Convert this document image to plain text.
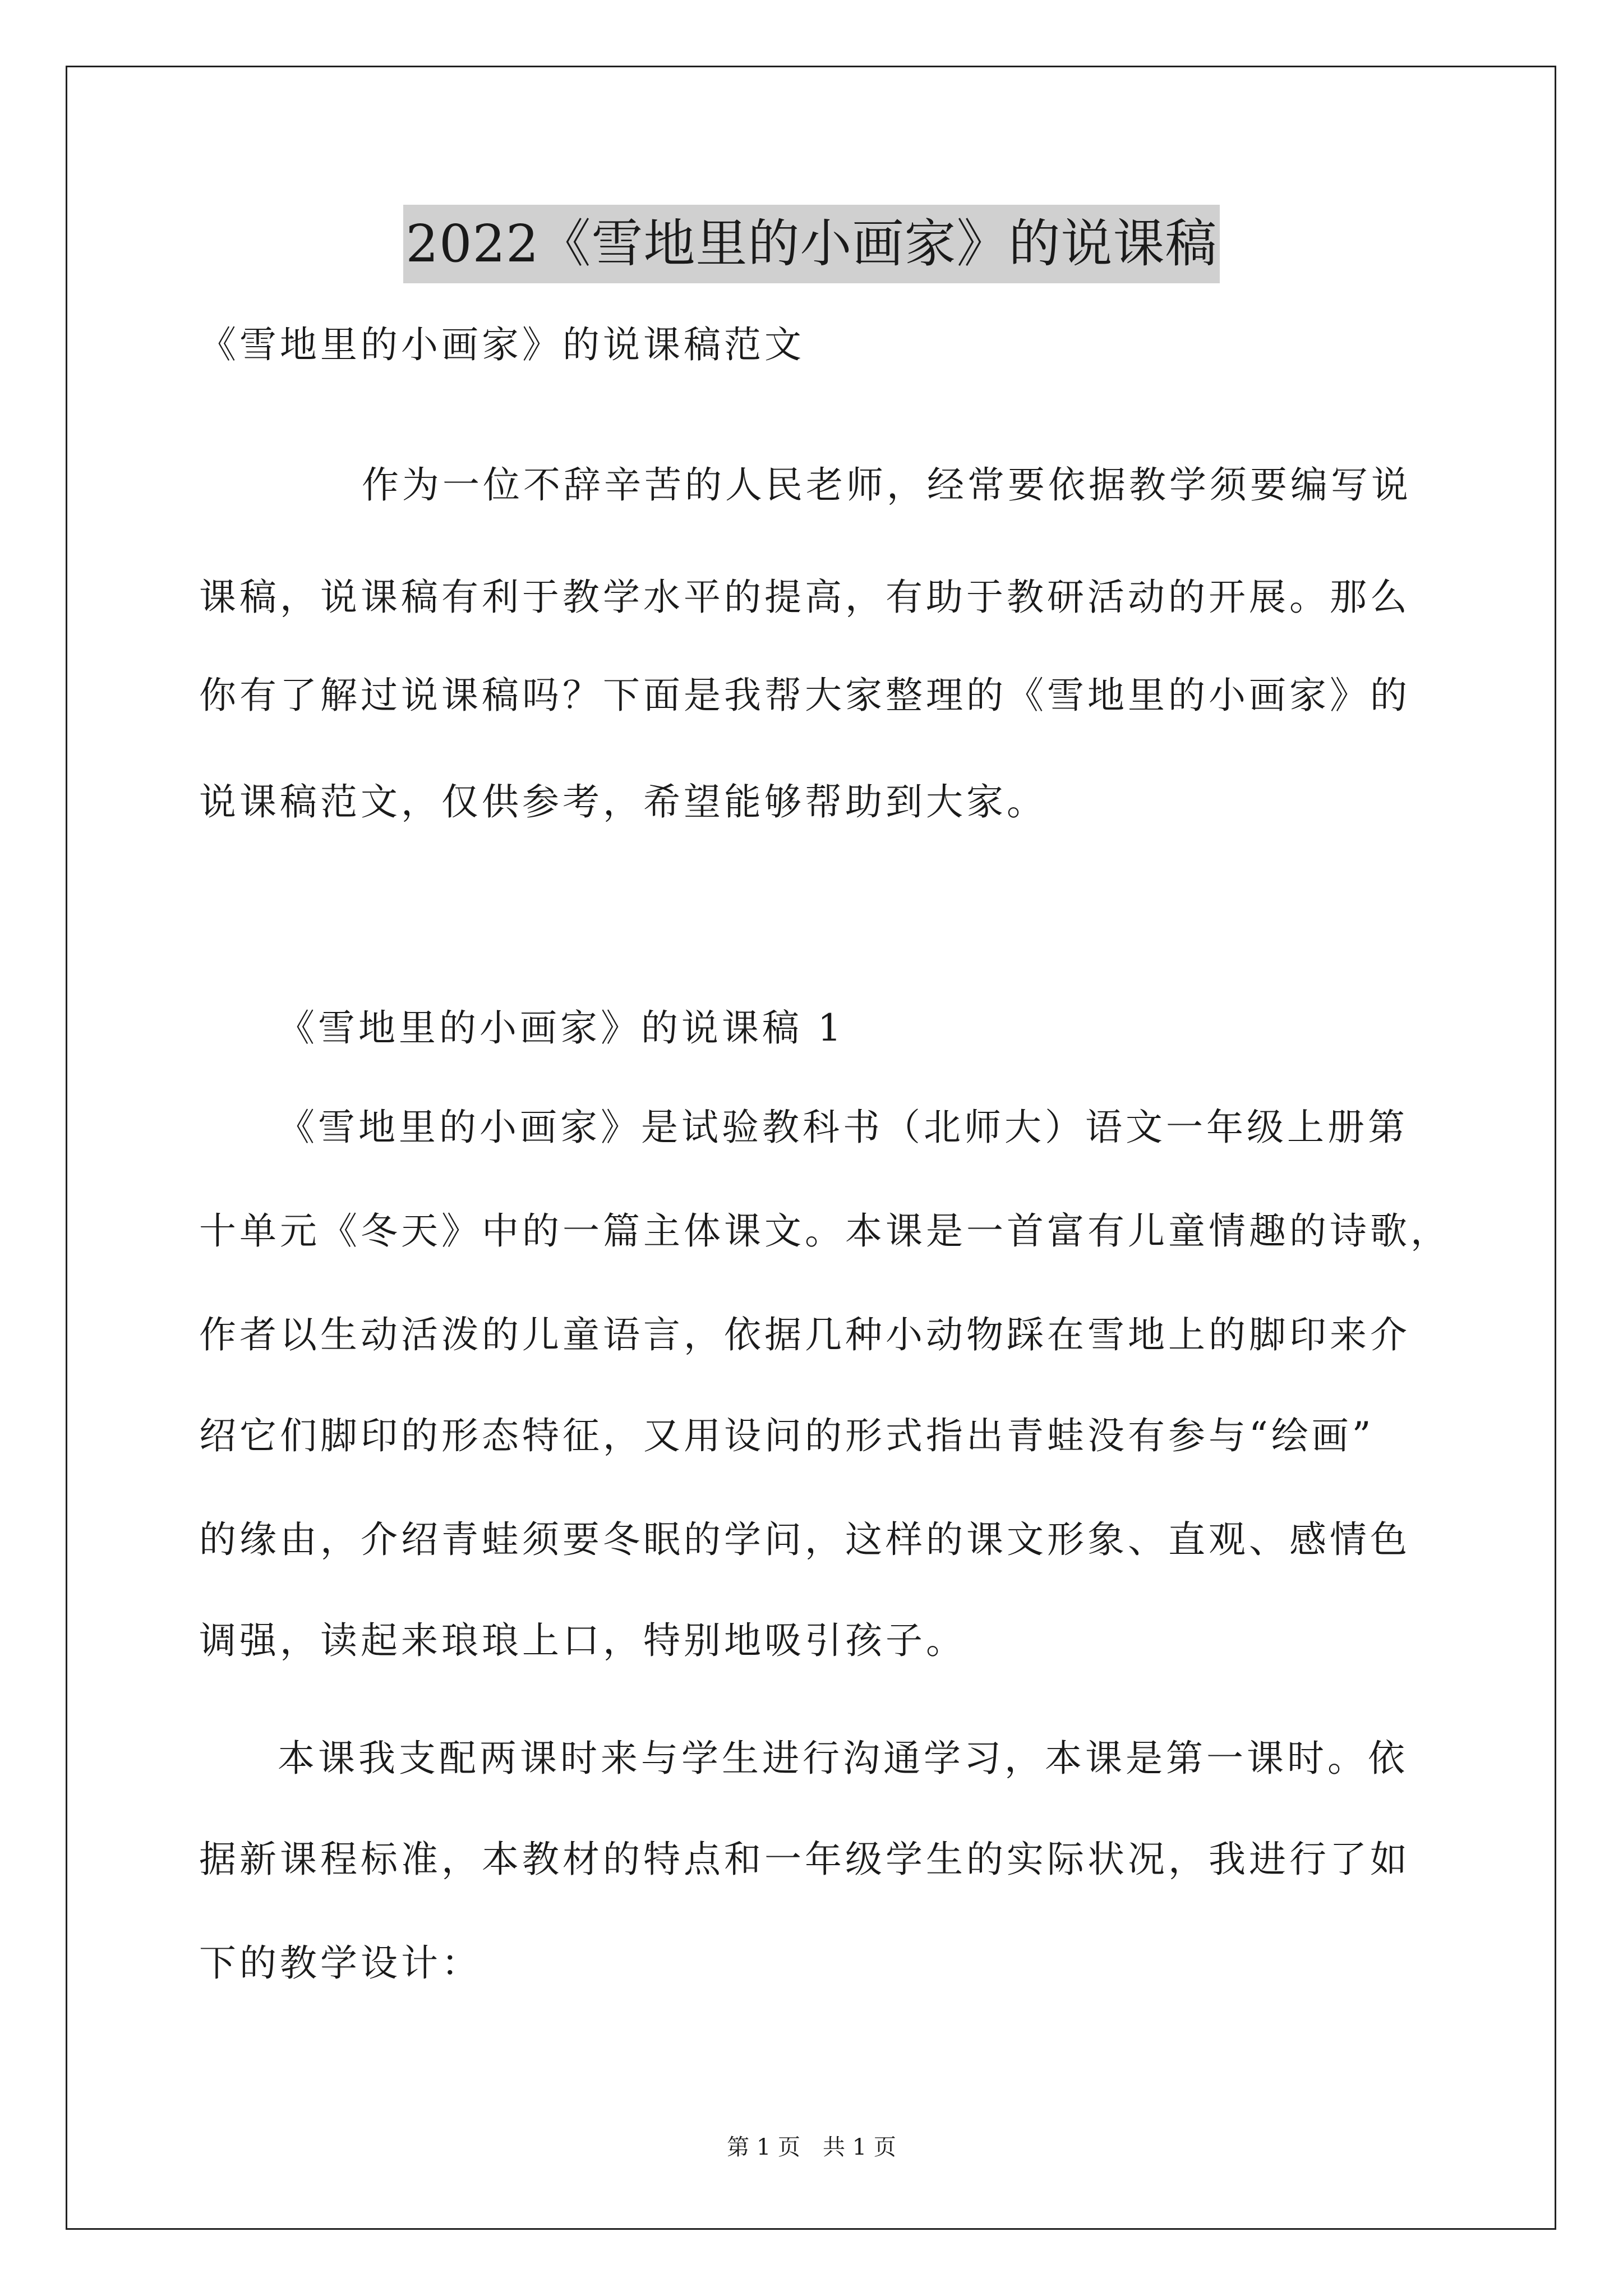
2022《雪地里的小画家》的说课稿
《雪地里的小画家》的说课稿范文
作为一位不辞辛苦的人民老师，经常要依据教学须要编写说
课稿，说课稿有利于教学水平的提高，有助于教研活动的开展。那么
你有了解过说课稿吗？下面是我帮大家整理的《雪地里的小画家》的
说课稿范文，仅供参考，希望能够帮助到大家。
《雪地里的小画家》的说课稿 1
《雪地里的小画家》是试验教科书（北师大）语文一年级上册第
十单元《冬天》中的一篇主体课文。本课是一首富有儿童情趣的诗歌，
作者以生动活泼的儿童语言，依据几种小动物踩在雪地上的脚印来介
绍它们脚印的形态特征，又用设问的形式指出青蛙没有参与“绘画”
的缘由，介绍青蛙须要冬眠的学问，这样的课文形象、直观、感情色
调强，读起来琅琅上口，特别地吸引孩子。
本课我支配两课时来与学生进行沟通学习，本课是第一课时。依
据新课程标准，本教材的特点和一年级学生的实际状况，我进行了如
下的教学设计：
第 1 页 共 1 页
